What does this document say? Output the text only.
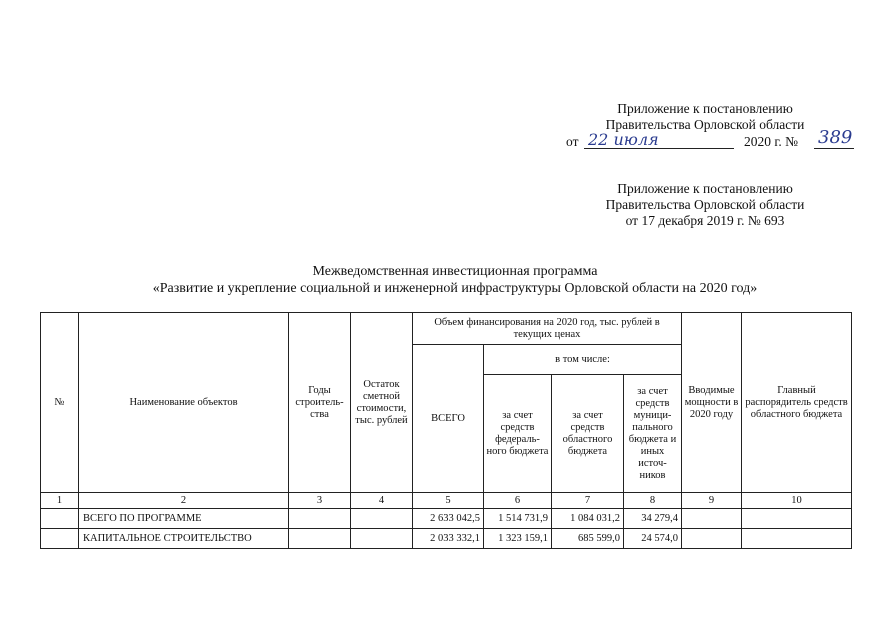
Приложение к постановлению
Правительства Орловской области
от 22 июля	2020 г. № 389
Приложение к постановлению
Правительства Орловской области
от 17 декабря 2019 г. № 693
Межведомственная инвестиционная программа
«Развитие и укрепление социальной и инженерной инфраструктуры Орловской области на 2020 год»
№	Наименование объектов	Годы строитель-ства	Остаток сметной стоимости, тыс. рублей	Объем финансирования на 2020 год, тыс. рублей в текущих ценах				Вводимые мощности в 2020 году	Главный распорядитель средств областного бюджета
				ВСЕГО	в том числе:				
					за счет средств федераль-ного бюджета	за счет средств областного бюджета	за счет средств муници-пального бюджета и иных источ-ников		
1	2	3	4	5	6	7	8	9	10
	ВСЕГО ПО ПРОГРАММЕ			2 633 042,5	1 514 731,9	1 084 031,2	34 279,4		
	КАПИТАЛЬНОЕ СТРОИТЕЛЬСТВО			2 033 332,1	1 323 159,1	685 599,0	24 574,0		
